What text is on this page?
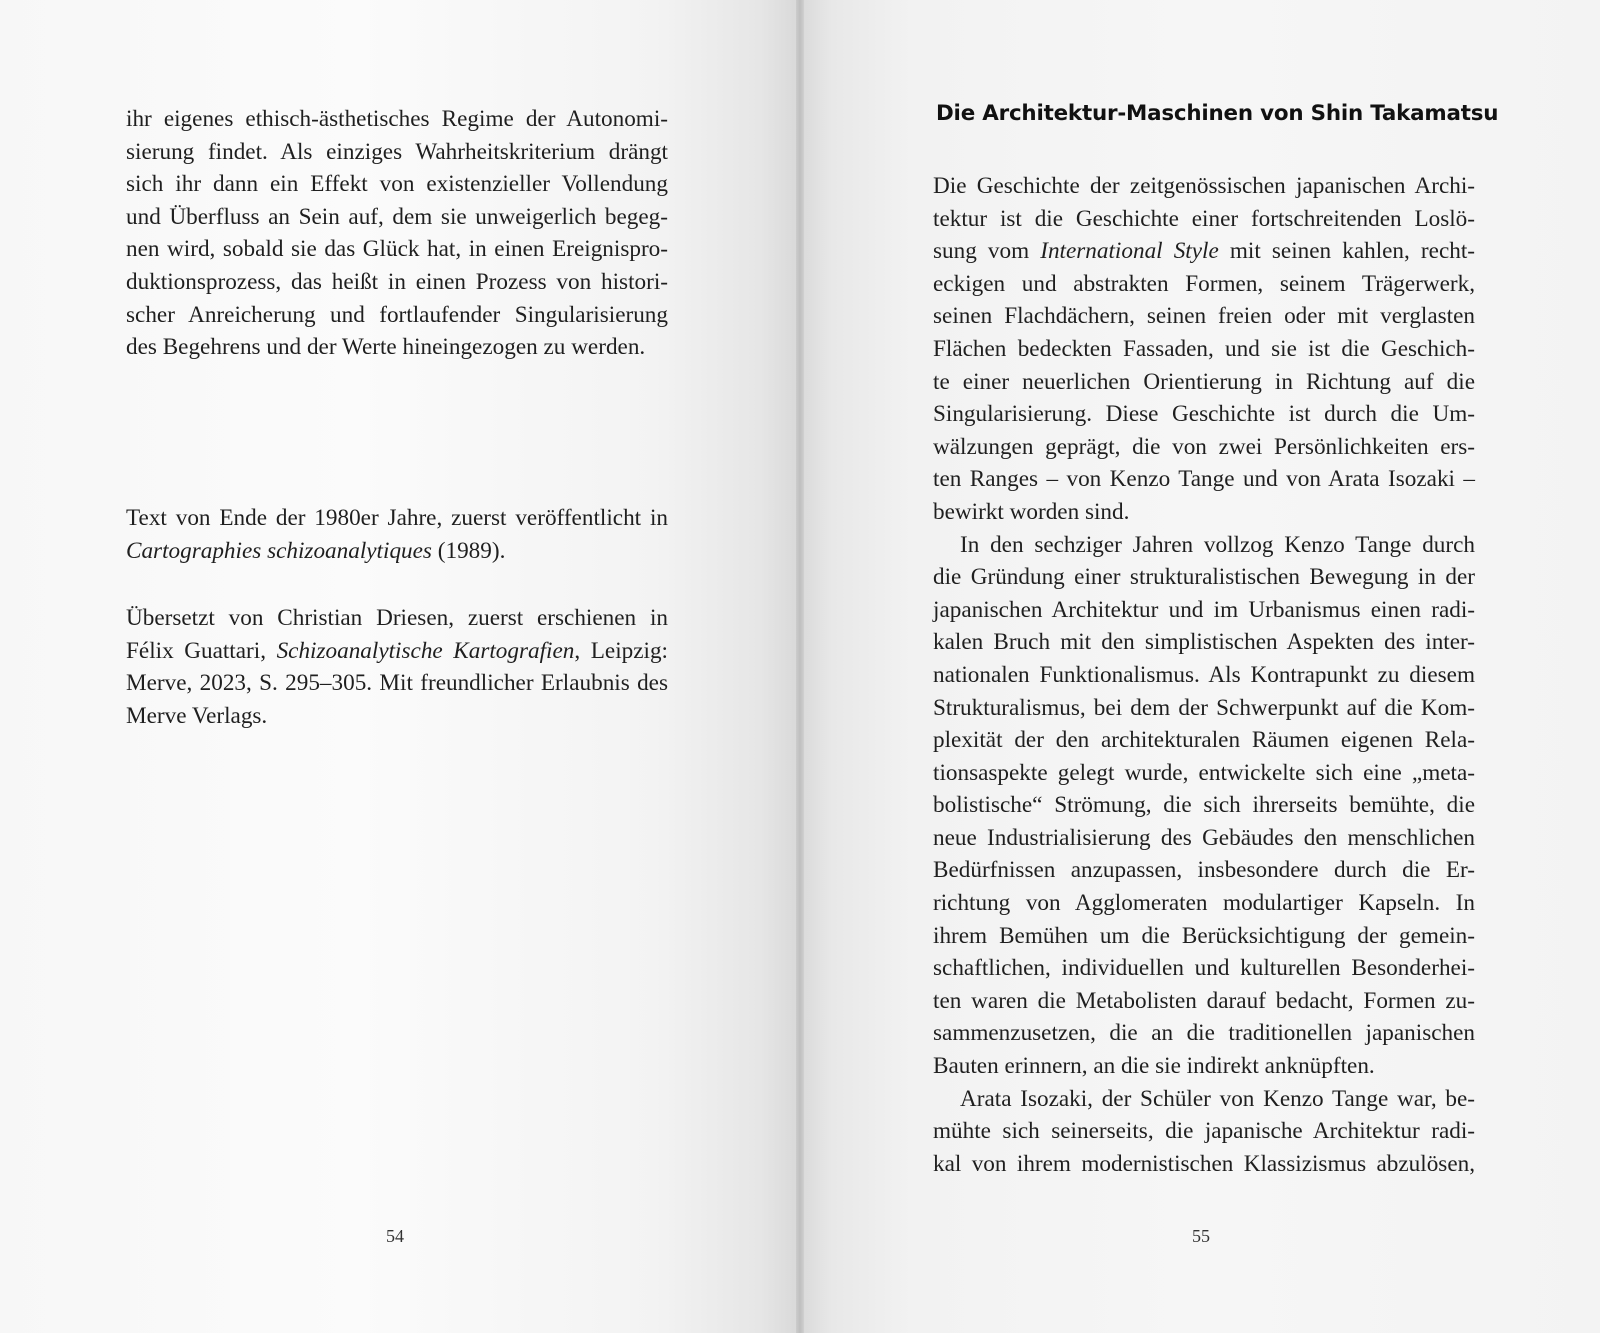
ihr eigenes ethisch-ästhetisches Regime der Autonomi-
sierung findet. Als einziges Wahrheitskriterium drängt
sich ihr dann ein Effekt von existenzieller Vollendung
und Überfluss an Sein auf, dem sie unweigerlich begeg-
nen wird, sobald sie das Glück hat, in einen Ereignispro-
duktionsprozess, das heißt in einen Prozess von histori-
scher Anreicherung und fortlaufender Singularisierung
des Begehrens und der Werte hineingezogen zu werden.
Text von Ende der 1980er Jahre, zuerst veröffentlicht in
Cartographies schizoanalytiques (1989).
Übersetzt von Christian Driesen, zuerst erschienen in
Félix Guattari, Schizoanalytische Kartografien, Leipzig:
Merve, 2023, S. 295–305. Mit freundlicher Erlaubnis des
Merve Verlags.
54
Die Architektur-Maschinen von Shin Takamatsu
Die Geschichte der zeitgenössischen japanischen Archi-
tektur ist die Geschichte einer fortschreitenden Loslö-
sung vom International Style mit seinen kahlen, recht-
eckigen und abstrakten Formen, seinem Trägerwerk,
seinen Flachdächern, seinen freien oder mit verglasten
Flächen bedeckten Fassaden, und sie ist die Geschich-
te einer neuerlichen Orientierung in Richtung auf die
Singularisierung. Diese Geschichte ist durch die Um-
wälzungen geprägt, die von zwei Persönlichkeiten ers-
ten Ranges – von Kenzo Tange und von Arata Isozaki –
bewirkt worden sind.
In den sechziger Jahren vollzog Kenzo Tange durch
die Gründung einer strukturalistischen Bewegung in der
japanischen Architektur und im Urbanismus einen radi-
kalen Bruch mit den simplistischen Aspekten des inter-
nationalen Funktionalismus. Als Kontrapunkt zu diesem
Strukturalismus, bei dem der Schwerpunkt auf die Kom-
plexität der den architekturalen Räumen eigenen Rela-
tionsaspekte gelegt wurde, entwickelte sich eine „meta-
bolistische“ Strömung, die sich ihrerseits bemühte, die
neue Industrialisierung des Gebäudes den menschlichen
Bedürfnissen anzupassen, insbesondere durch die Er-
richtung von Agglomeraten modulartiger Kapseln. In
ihrem Bemühen um die Berücksichtigung der gemein-
schaftlichen, individuellen und kulturellen Besonderhei-
ten waren die Metabolisten darauf bedacht, Formen zu-
sammenzusetzen, die an die traditionellen japanischen
Bauten erinnern, an die sie indirekt anknüpften.
Arata Isozaki, der Schüler von Kenzo Tange war, be-
mühte sich seinerseits, die japanische Architektur radi-
kal von ihrem modernistischen Klassizismus abzulösen,
55
